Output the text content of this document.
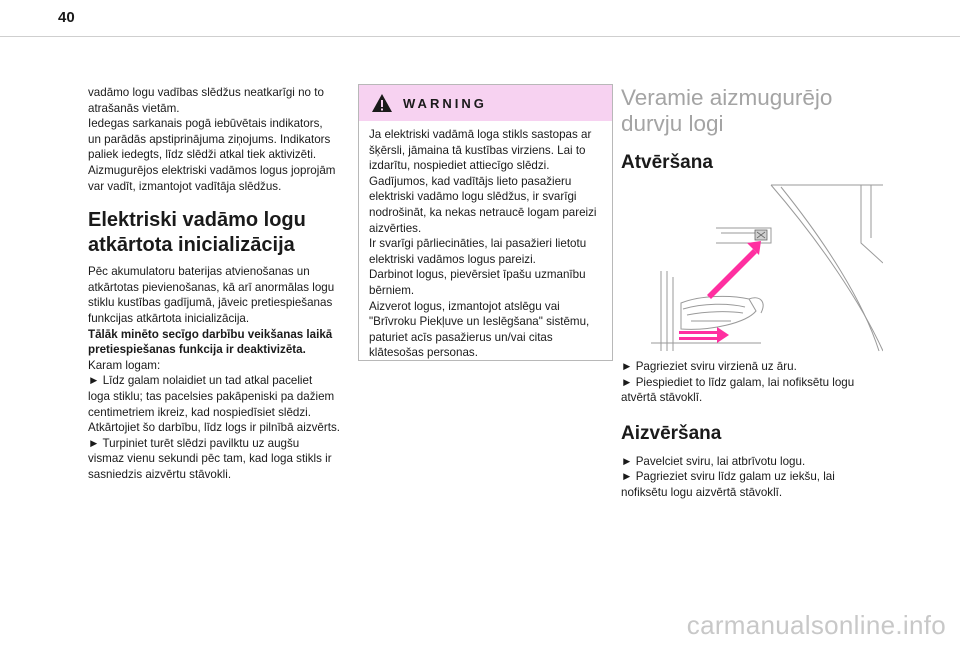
40

vadāmo logu vadības slēdžus neatkarīgi no to

atrašanās vietām.

Iedegas sarkanais pogā iebūvētais indikators,

un parādās apstiprinājuma ziņojums. Indikators

paliek iedegts, līdz slēdži atkal tiek aktivizēti.

Aizmugurējos elektriski vadāmos logus joprojām

var vadīt, izmantojot vadītāja slēdžus.

Elektriski vadāmo logu
atkārtota inicializācija

Pēc akumulatoru baterijas atvienošanas un

atkārtotas pievienošanas, kā arī anormālas logu

stiklu kustības gadījumā, jāveic pretiespiešanas

funkcijas atkārtota inicializācija.

Tālāk minēto secīgo darbību veikšanas laikā

pretiespiešanas funkcija ir deaktivizēta.

Karam logam:

► Līdz galam nolaidiet un tad atkal paceliet

loga stiklu; tas pacelsies pakāpeniski pa dažiem

centimetriem ikreiz, kad nospiedīsiet slēdzi.

Atkārtojiet šo darbību, līdz logs ir pilnībā aizvērts.

► Turpiniet turēt slēdzi pavilktu uz augšu

vismaz vienu sekundi pēc tam, kad loga stikls ir

sasniedzis aizvērtu stāvokli.

WARNING

Ja elektriski vadāmā loga stikls sastopas ar

šķērsli, jāmaina tā kustības virziens. Lai to

izdarītu, nospiediet attiecīgo slēdzi.

Gadījumos, kad vadītājs lieto pasažieru

elektriski vadāmo logu slēdžus, ir svarīgi

nodrošināt, ka nekas netraucē logam pareizi

aizvērties.

Ir svarīgi pārliecināties, lai pasažieri lietotu

elektriski vadāmos logus pareizi.

Darbinot logus, pievērsiet īpašu uzmanību

bērniem.

Aizverot logus, izmantojot atslēgu vai

"Brīvroku Piekļuve un Ieslēgšana" sistēmu,

paturiet acīs pasažierus un/vai citas

klātesošas personas.

Veramie aizmugurējo
durvju logi
Atvēršana

► Pagrieziet sviru virzienā uz āru.

► Piespiediet to līdz galam, lai nofiksētu logu

atvērtā stāvoklī.

Aizvēršana

► Pavelciet sviru, lai atbrīvotu logu.

► Pagrieziet sviru līdz galam uz iekšu, lai

nofiksētu logu aizvērtā stāvoklī.

carmanualsonline.info
